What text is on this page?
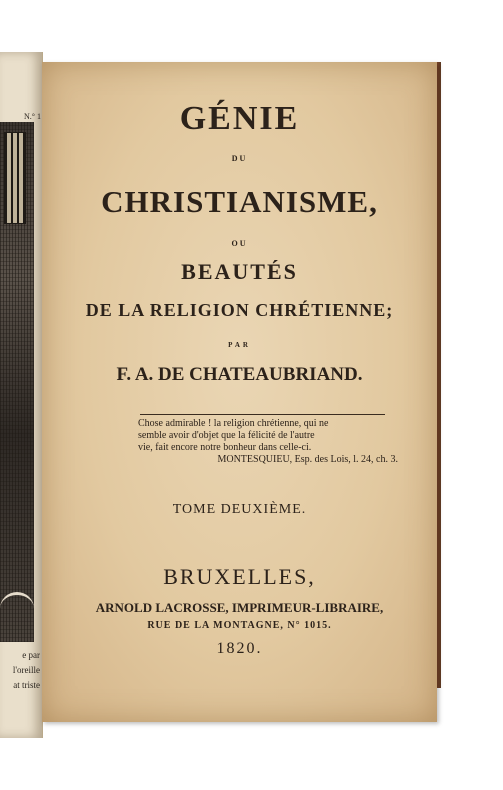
N.° 1
e par
l'oreille
at triste
GÉNIE
DU
CHRISTIANISME,
OU
BEAUTÉS
DE LA RELIGION CHRÉTIENNE;
PAR
F. A. DE CHATEAUBRIAND.
Chose admirable ! la religion chrétienne, qui ne
semble avoir d'objet que la félicité de l'autre
vie, fait encore notre bonheur dans celle-ci.
MONTESQUIEU, Esp. des Lois, l. 24, ch. 3.
TOME DEUXIÈME.
BRUXELLES,
ARNOLD LACROSSE, IMPRIMEUR-LIBRAIRE,
RUE DE LA MONTAGNE, N° 1015.
1820.
